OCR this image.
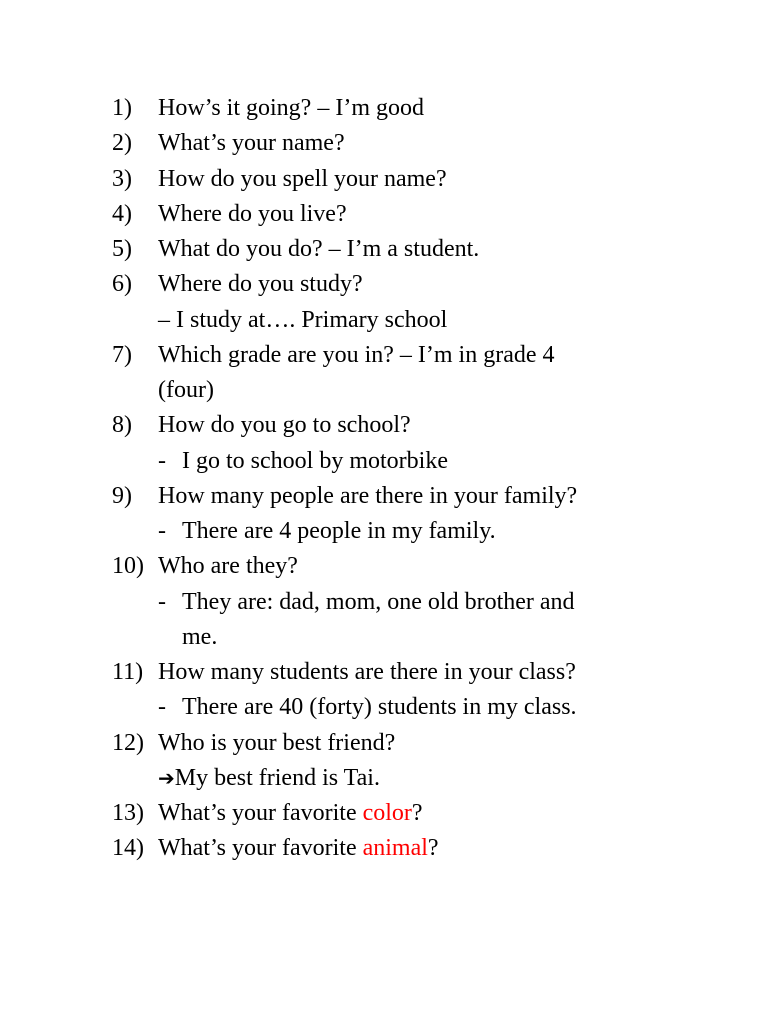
1)	How’s it going? – I’m good
2)	What’s your name?
3)	How do you spell your name?
4)	Where do you live?
5)	What do you do? – I’m a student.
6)	Where do you study?
– I study at…. Primary school
7)	Which grade are you in? – I’m in grade 4
(four)
8)	How do you go to school?
- I go to school by motorbike
9)	How many people are there in your family?
- There are 4 people in my family.
10) Who are they?
- They are: dad, mom, one old brother and
me.
11) How many students are there in your class?
- There are 40 (forty) students in my class.
12) Who is your best friend?
➔My best friend is Tai.
13) What’s your favorite color?
14) What’s your favorite animal?
